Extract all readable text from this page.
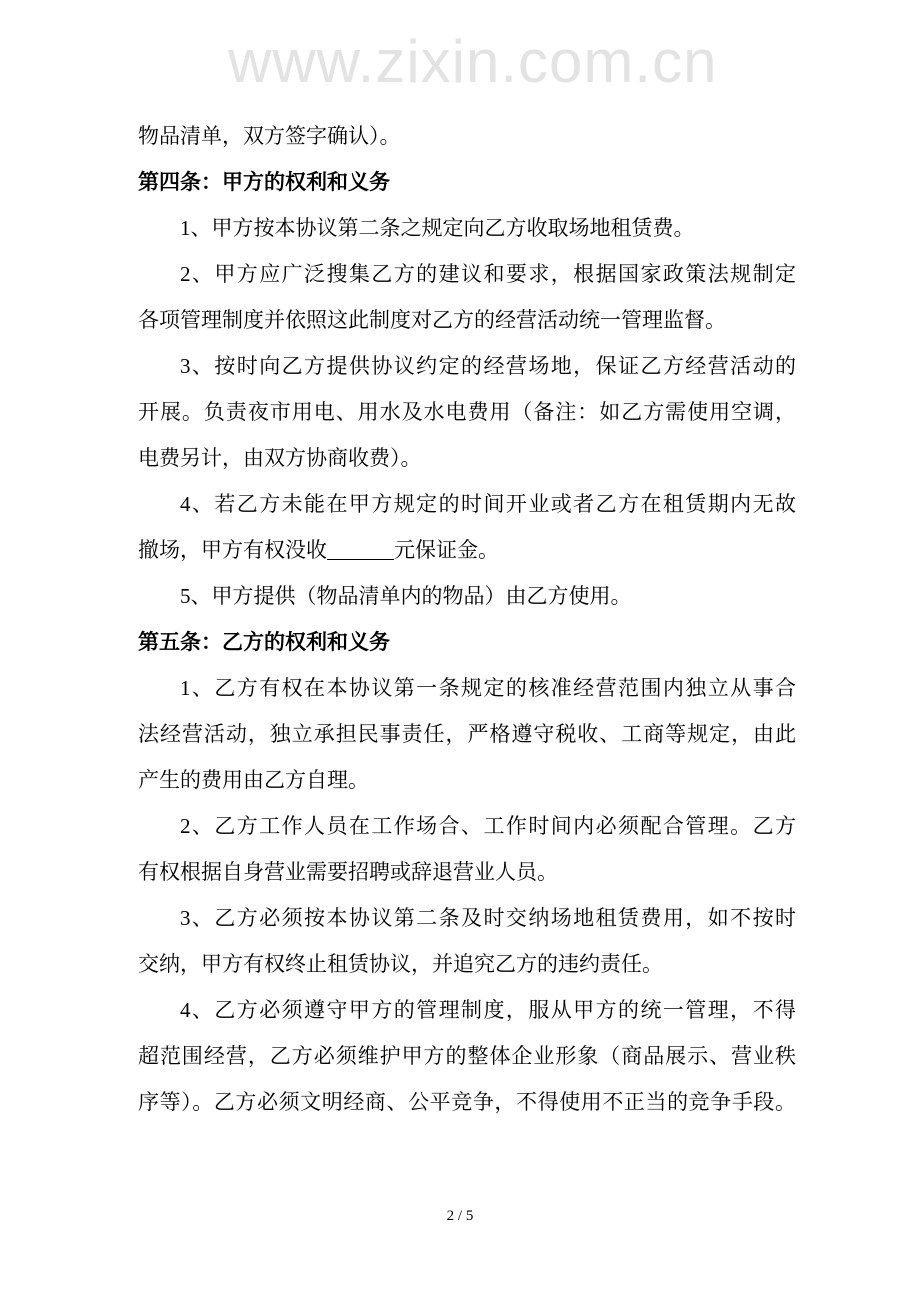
www.zixin.com.cn
物品清单，双方签字确认）。
第四条：甲方的权利和义务
1、甲方按本协议第二条之规定向乙方收取场地租赁费。
2、甲方应广泛搜集乙方的建议和要求，根据国家政策法规制定
各项管理制度并依照这此制度对乙方的经营活动统一管理监督。
3、按时向乙方提供协议约定的经营场地，保证乙方经营活动的
开展。负责夜市用电、用水及水电费用（备注：如乙方需使用空调，
电费另计，由双方协商收费）。
4、若乙方未能在甲方规定的时间开业或者乙方在租赁期内无故
撤场，甲方有权没收	元保证金。
5、甲方提供（物品清单内的物品）由乙方使用。
第五条：乙方的权利和义务
1、乙方有权在本协议第一条规定的核准经营范围内独立从事合
法经营活动，独立承担民事责任，严格遵守税收、工商等规定，由此
产生的费用由乙方自理。
2、乙方工作人员在工作场合、工作时间内必须配合管理。乙方
有权根据自身营业需要招聘或辞退营业人员。
3、乙方必须按本协议第二条及时交纳场地租赁费用，如不按时
交纳，甲方有权终止租赁协议，并追究乙方的违约责任。
4、乙方必须遵守甲方的管理制度，服从甲方的统一管理，不得
超范围经营，乙方必须维护甲方的整体企业形象（商品展示、营业秩
序等）。乙方必须文明经商、公平竞争，不得使用不正当的竞争手段。
2 / 5
